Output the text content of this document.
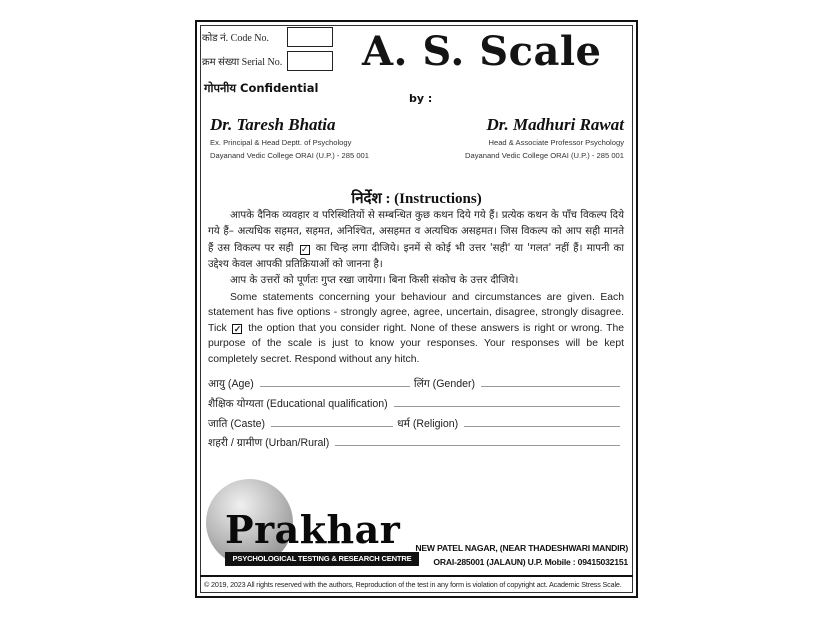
कोड नं. Code No.
क्रम संख्या Serial No.
गोपनीय Confidential
A. S. Scale
by :
Dr. Taresh Bhatia
Ex. Principal & Head Deptt. of Psychology
Dayanand Vedic College ORAI (U.P.) - 285 001
Dr. Madhuri Rawat
Head & Associate Professor Psychology
Dayanand Vedic College ORAI (U.P.) - 285 001
निर्देश : (Instructions)
आपके दैनिक व्यवहार व परिस्थितियों से सम्बन्धित कुछ कथन दिये गये हैं। प्रत्येक कथन के पाँच विकल्प दिये गये हैं– अत्यधिक सहमत, सहमत, अनिश्चित, असहमत व अत्यधिक असहमत। जिस विकल्प को आप सही मानते हैं उस विकल्प पर सही ✓ का चिन्ह लगा दीजिये। इनमें से कोई भी उत्तर 'सही' या 'गलत' नहीं हैं। मापनी का उद्देश्य केवल आपकी प्रतिक्रियाओं को जानना है।
आप के उत्तरों को पूर्णतः गुप्त रखा जायेगा। बिना किसी संकोच के उत्तर दीजिये।
Some statements concerning your behaviour and circumstances are given. Each statement has five options - strongly agree, agree, uncertain, disagree, strongly disagree. Tick ✓ the option that you consider right. None of these answers is right or wrong. The purpose of the scale is just to know your responses. Your responses will be kept completely secret. Respond without any hitch.
आयु (Age)	लिंग (Gender)
शैक्षिक योग्यता (Educational qualification)
जाति (Caste)	धर्म (Religion)
शहरी / ग्रामीण (Urban/Rural)
Prakhar
PSYCHOLOGICAL TESTING & RESEARCH CENTRE
NEW PATEL NAGAR, (NEAR THADESHWARI MANDIR)
ORAI-285001 (JALAUN) U.P. Mobile : 09415032151
© 2019, 2023 All rights reserved with the authors, Reproduction of the test in any form is violation of copyright act. Academic Stress Scale.
